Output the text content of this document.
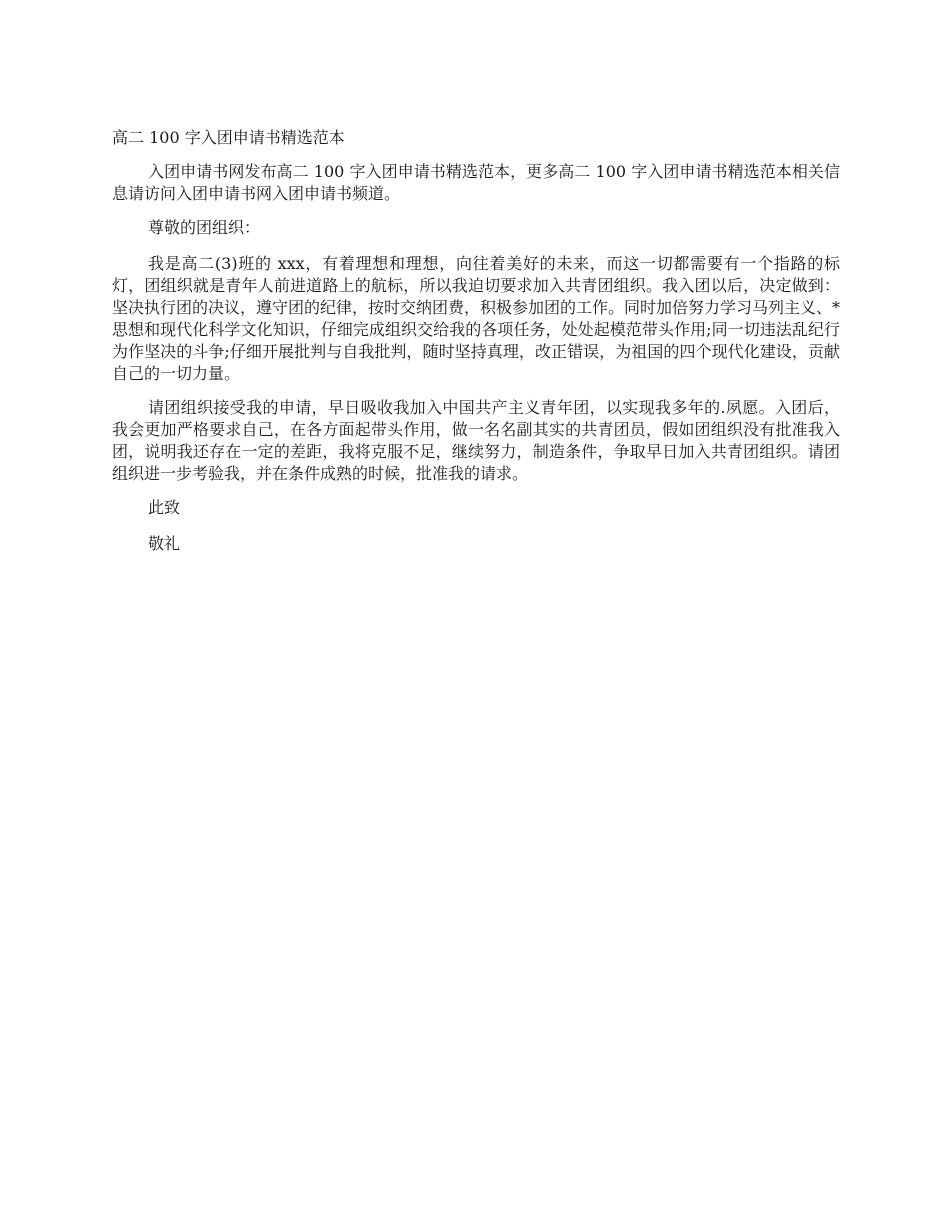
高二 100 字入团申请书精选范本

入团申请书网发布高二 100 字入团申请书精选范本，更多高二 100 字入团申请书精选范本相关信息请访问入团申请书网入团申请书频道。

尊敬的团组织：

我是高二(3)班的 xxx，有着理想和理想，向往着美好的未来，而这一切都需要有一个指路的标灯，团组织就是青年人前进道路上的航标，所以我迫切要求加入共青团组织。我入团以后，决定做到：坚决执行团的决议，遵守团的纪律，按时交纳团费，积极参加团的工作。同时加倍努力学习马列主义、*思想和现代化科学文化知识，仔细完成组织交给我的各项任务，处处起模范带头作用;同一切违法乱纪行为作坚决的斗争;仔细开展批判与自我批判，随时坚持真理，改正错误，为祖国的四个现代化建设，贡献自己的一切力量。

请团组织接受我的申请，早日吸收我加入中国共产主义青年团，以实现我多年的.夙愿。入团后，我会更加严格要求自己，在各方面起带头作用，做一名名副其实的共青团员，假如团组织没有批准我入团，说明我还存在一定的差距，我将克服不足，继续努力，制造条件，争取早日加入共青团组织。请团组织进一步考验我，并在条件成熟的时候，批准我的请求。

此致

敬礼
